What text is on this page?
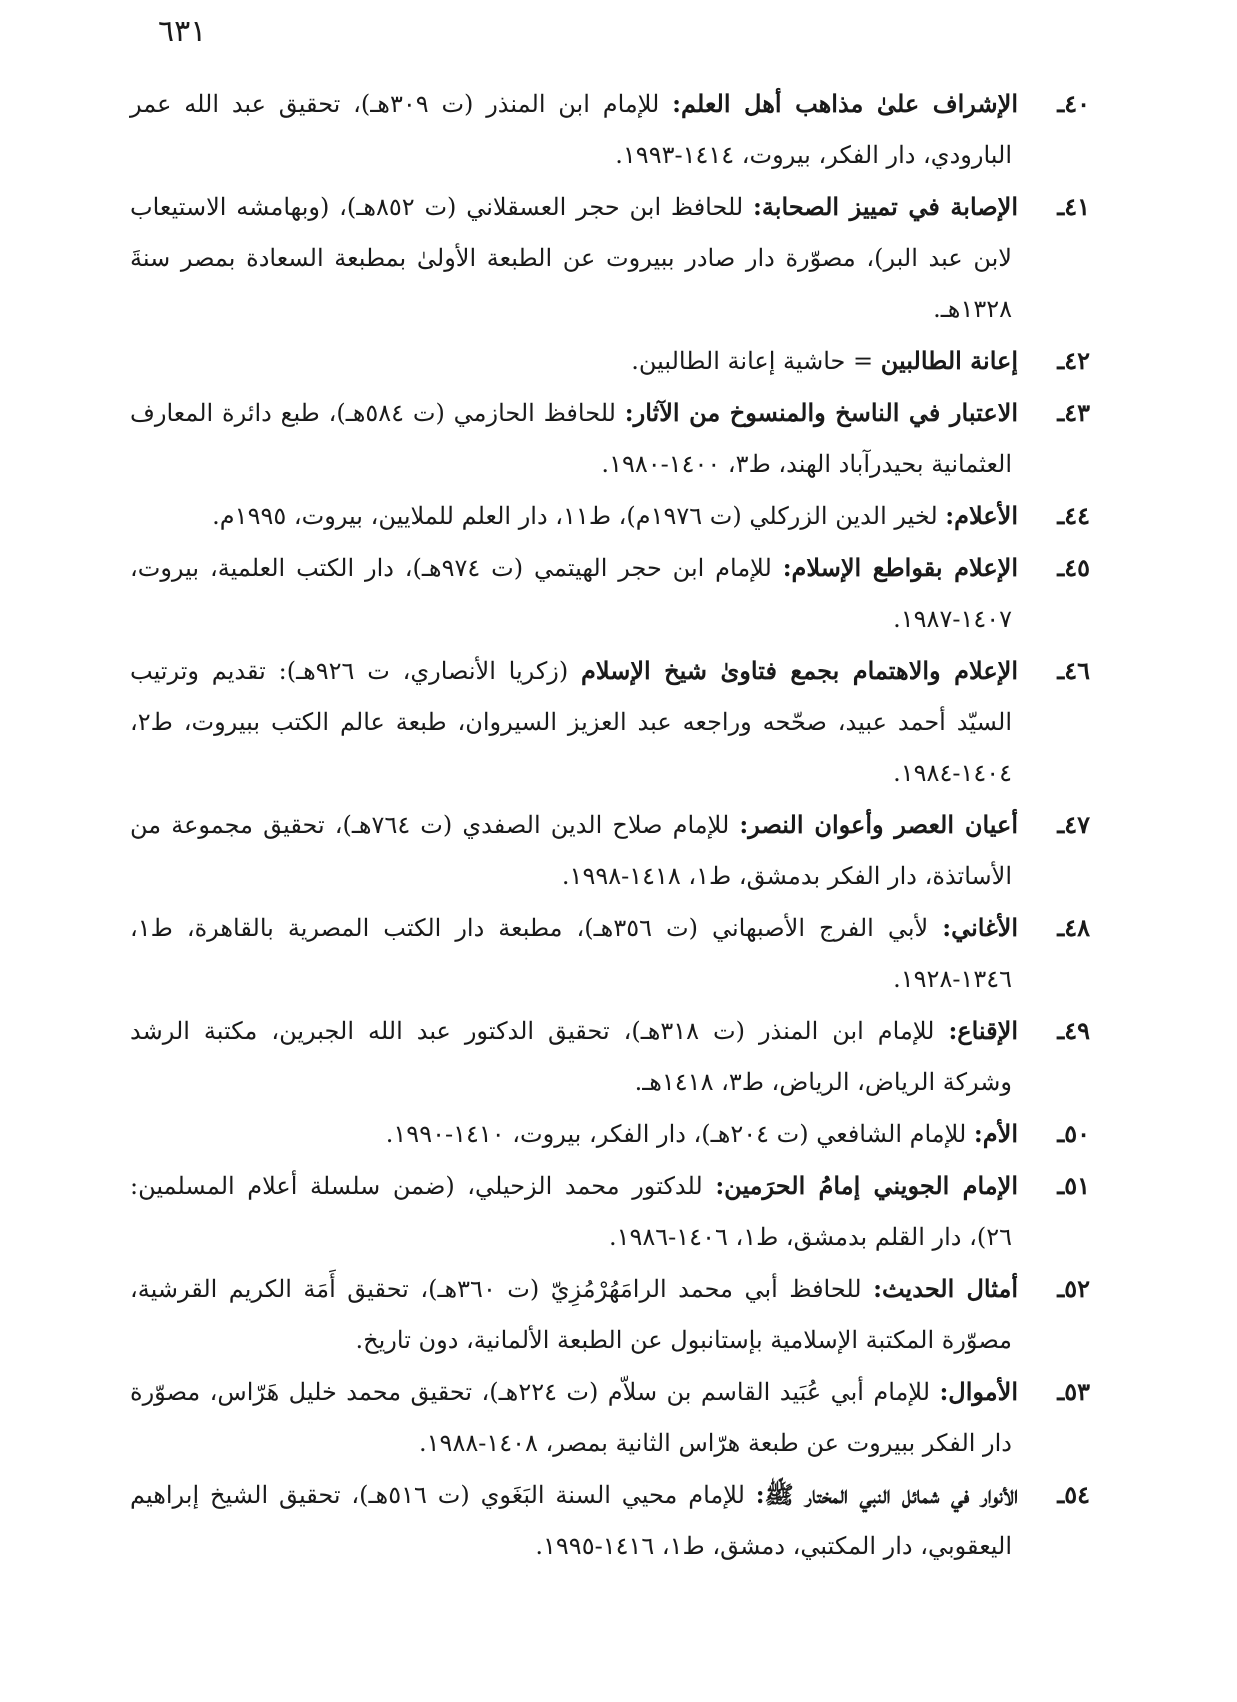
٦٣١

٤٠ـالإشراف علىٰ مذاهب أهل العلم: للإمام ابن المنذر (ت ٣٠٩هـ)، تحقيق عبد الله عمر البارودي، دار الفكر، بيروت، ١٤١٤-١٩٩٣.

٤١ـالإصابة في تمييز الصحابة: للحافظ ابن حجر العسقلاني (ت ٨٥٢هـ)، (وبهامشه الاستيعاب لابن عبد البر)، مصوّرة دار صادر ببيروت عن الطبعة الأولىٰ بمطبعة السعادة بمصر سنةَ ١٣٢٨هـ.

٤٢ـإعانة الطالبين = حاشية إعانة الطالبين.

٤٣ـالاعتبار في الناسخ والمنسوخ من الآثار: للحافظ الحازمي (ت ٥٨٤هـ)، طبع دائرة المعارف العثمانية بحيدرآباد الهند، ط٣، ١٤٠٠-١٩٨٠.

٤٤ـالأعلام: لخير الدين الزركلي (ت ١٩٧٦م)، ط١١، دار العلم للملايين، بيروت، ١٩٩٥م.

٤٥ـالإعلام بقواطع الإسلام: للإمام ابن حجر الهيتمي (ت ٩٧٤هـ)، دار الكتب العلمية، بيروت، ١٤٠٧-١٩٨٧.

٤٦ـالإعلام والاهتمام بجمع فتاوىٰ شيخ الإسلام (زكريا الأنصاري، ت ٩٢٦هـ): تقديم وترتيب السيّد أحمد عبيد، صحّحه وراجعه عبد العزيز السيروان، طبعة عالم الكتب ببيروت، ط٢، ١٤٠٤-١٩٨٤.

٤٧ـأعيان العصر وأعوان النصر: للإمام صلاح الدين الصفدي (ت ٧٦٤هـ)، تحقيق مجموعة من الأساتذة، دار الفكر بدمشق، ط١، ١٤١٨-١٩٩٨.

٤٨ـالأغاني: لأبي الفرج الأصبهاني (ت ٣٥٦هـ)، مطبعة دار الكتب المصرية بالقاهرة، ط١، ١٣٤٦-١٩٢٨.

٤٩ـالإقناع: للإمام ابن المنذر (ت ٣١٨هـ)، تحقيق الدكتور عبد الله الجبرين، مكتبة الرشد وشركة الرياض، الرياض، ط٣، ١٤١٨هـ.

٥٠ـالأم: للإمام الشافعي (ت ٢٠٤هـ)، دار الفكر، بيروت، ١٤١٠-١٩٩٠.

٥١ـالإمام الجويني إمامُ الحرَمين: للدكتور محمد الزحيلي، (ضمن سلسلة أعلام المسلمين: ٢٦)، دار القلم بدمشق، ط١، ١٤٠٦-١٩٨٦.

٥٢ـأمثال الحديث: للحافظ أبي محمد الرامَهُرْمُزِيّ (ت ٣٦٠هـ)، تحقيق أَمَة الكريم القرشية، مصوّرة المكتبة الإسلامية بإستانبول عن الطبعة الألمانية، دون تاريخ.

٥٣ـالأموال: للإمام أبي عُبَيد القاسم بن سلاّم (ت ٢٢٤هـ)، تحقيق محمد خليل هَرّاس، مصوّرة دار الفكر ببيروت عن طبعة هرّاس الثانية بمصر، ١٤٠٨-١٩٨٨.

٥٤ـالأنوار في شمائل النبي المختار ﷺ: للإمام محيي السنة البَغَوي (ت ٥١٦هـ)، تحقيق الشيخ إبراهيم اليعقوبي، دار المكتبي، دمشق، ط١، ١٤١٦-١٩٩٥.
